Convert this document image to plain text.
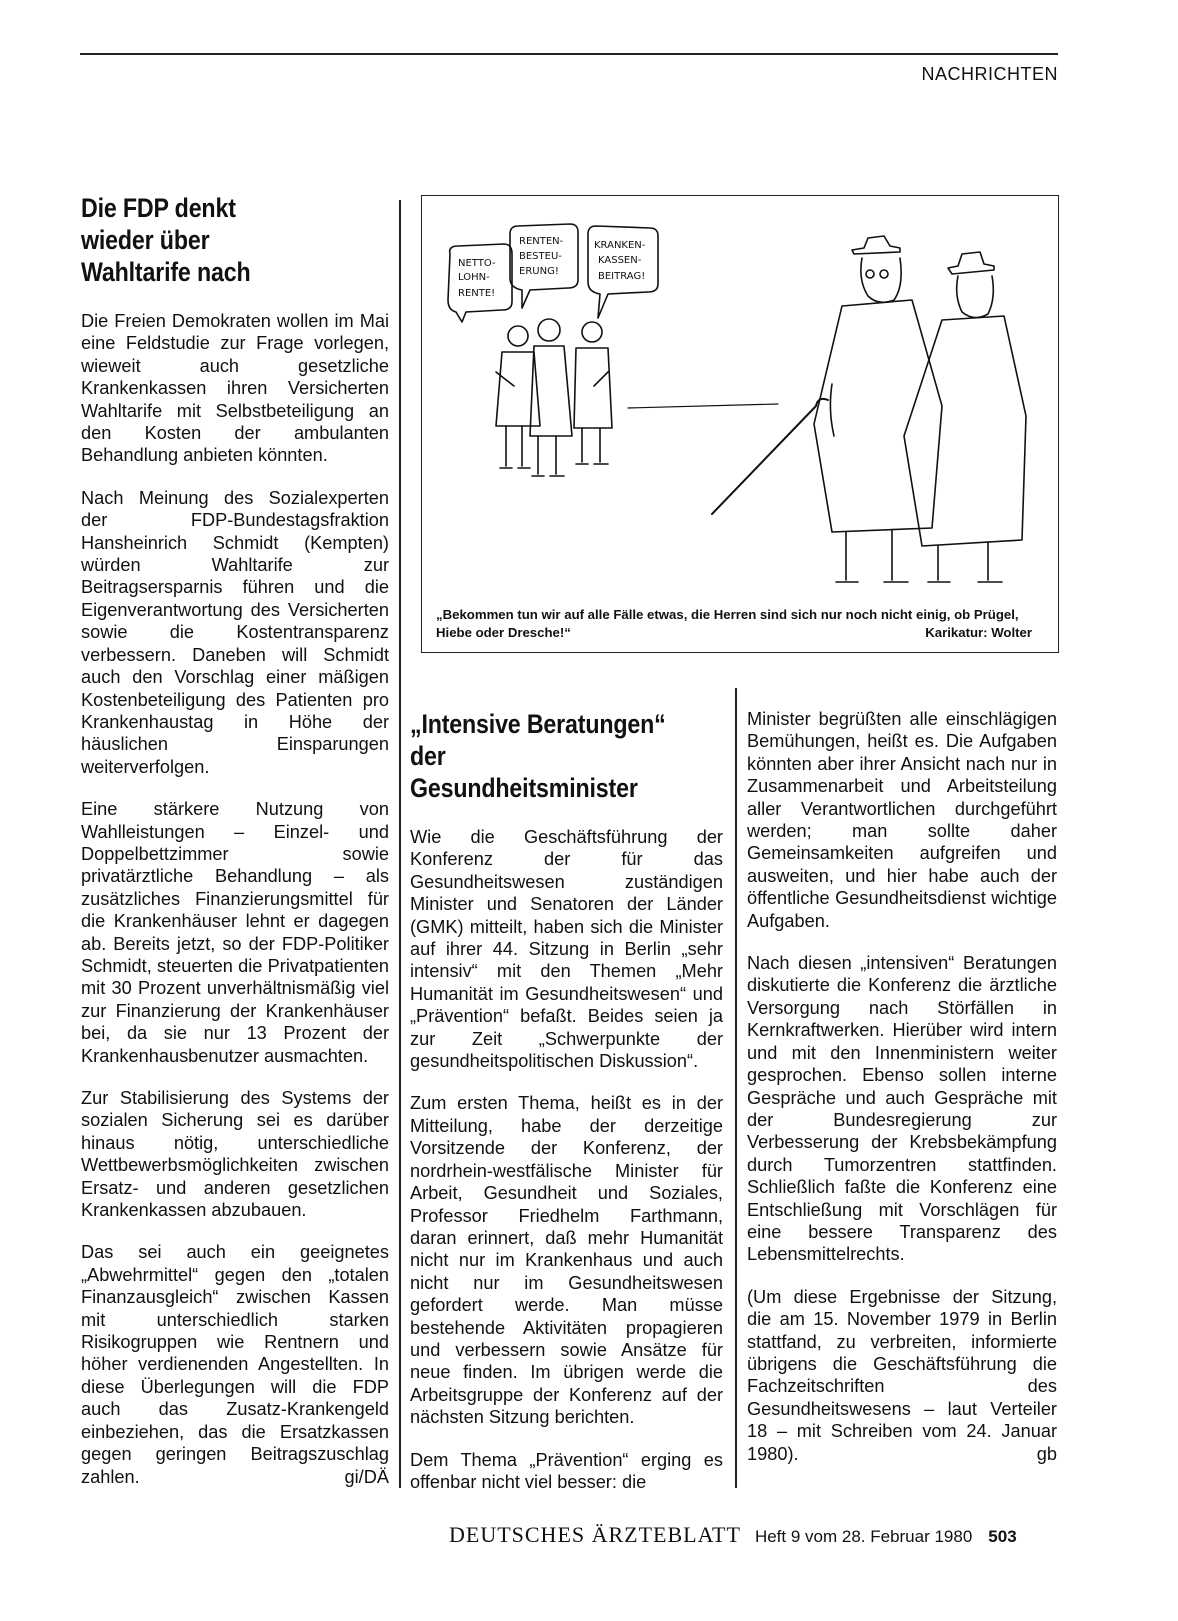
NACHRICHTEN
Die FDP denkt
wieder über
Wahltarife nach

Die Freien Demokraten wollen im Mai eine Feldstudie zur Frage vorlegen, wieweit auch gesetzliche Krankenkassen ihren Versicherten Wahltarife mit Selbstbeteiligung an den Kosten der ambulanten Behandlung anbieten könnten.

Nach Meinung des Sozialexperten der FDP-Bundestagsfraktion Hansheinrich Schmidt (Kempten) würden Wahltarife zur Beitragsersparnis führen und die Eigenverantwortung des Versicherten sowie die Kostentransparenz verbessern. Daneben will Schmidt auch den Vorschlag einer mäßigen Kostenbeteiligung des Patienten pro Krankenhaustag in Höhe der häuslichen Einsparungen weiterverfolgen.

Eine stärkere Nutzung von Wahlleistungen – Einzel- und Doppelbettzimmer sowie privatärztliche Behandlung – als zusätzliches Finanzierungsmittel für die Krankenhäuser lehnt er dagegen ab. Bereits jetzt, so der FDP-Politiker Schmidt, steuerten die Privatpatienten mit 30 Prozent unverhältnismäßig viel zur Finanzierung der Krankenhäuser bei, da sie nur 13 Prozent der Krankenhausbenutzer ausmachten.

Zur Stabilisierung des Systems der sozialen Sicherung sei es darüber hinaus nötig, unterschiedliche Wettbewerbsmöglichkeiten zwischen Ersatz- und anderen gesetzlichen Krankenkassen abzubauen.

Das sei auch ein geeignetes „Abwehrmittel“ gegen den „totalen Finanzausgleich“ zwischen Kassen mit unterschiedlich starken Risikogruppen wie Rentnern und höher verdienenden Angestellten. In diese Überlegungen will die FDP auch das Zusatz-Krankengeld einbeziehen, das die Ersatzkassen gegen geringen Beitragszuschlag zahlen.	gi/DÄ

NETTO-
LOHN-
RENTE!
RENTEN-
BESTEU-
ERUNG!
KRANKEN-
KASSEN-
BEITRAG!
„Bekommen tun wir auf alle Fälle etwas, die Herren sind sich nur noch nicht einig, ob Prügel, Hiebe oder Dresche!“	Karikatur: Wolter
„Intensive Beratungen“
der Gesundheitsminister

Wie die Geschäftsführung der Konferenz der für das Gesundheitswesen zuständigen Minister und Senatoren der Länder (GMK) mitteilt, haben sich die Minister auf ihrer 44. Sitzung in Berlin „sehr intensiv“ mit den Themen „Mehr Humanität im Gesundheitswesen“ und „Prävention“ befaßt. Beides seien ja zur Zeit „Schwerpunkte der gesundheitspolitischen Diskussion“.

Zum ersten Thema, heißt es in der Mitteilung, habe der derzeitige Vorsitzende der Konferenz, der nordrhein-westfälische Minister für Arbeit, Gesundheit und Soziales, Professor Friedhelm Farthmann, daran erinnert, daß mehr Humanität nicht nur im Krankenhaus und auch nicht nur im Gesundheitswesen gefordert werde. Man müsse bestehende Aktivitäten propagieren und verbessern sowie Ansätze für neue finden. Im übrigen werde die Arbeitsgruppe der Konferenz auf der nächsten Sitzung berichten.

Dem Thema „Prävention“ erging es offenbar nicht viel besser: die

Minister begrüßten alle einschlägigen Bemühungen, heißt es. Die Aufgaben könnten aber ihrer Ansicht nach nur in Zusammenarbeit und Arbeitsteilung aller Verantwortlichen durchgeführt werden; man sollte daher Gemeinsamkeiten aufgreifen und ausweiten, und hier habe auch der öffentliche Gesundheitsdienst wichtige Aufgaben.

Nach diesen „intensiven“ Beratungen diskutierte die Konferenz die ärztliche Versorgung nach Störfällen in Kernkraftwerken. Hierüber wird intern und mit den Innenministern weiter gesprochen. Ebenso sollen interne Gespräche und auch Gespräche mit der Bundesregierung zur Verbesserung der Krebsbekämpfung durch Tumorzentren stattfinden. Schließlich faßte die Konferenz eine Entschließung mit Vorschlägen für eine bessere Transparenz des Lebensmittelrechts.

(Um diese Ergebnisse der Sitzung, die am 15. November 1979 in Berlin stattfand, zu verbreiten, informierte übrigens die Geschäftsführung die Fachzeitschriften des Gesundheitswesens – laut Verteiler 18 – mit Schreiben vom 24. Januar 1980).	gb

DEUTSCHES ÄRZTEBLATT Heft 9 vom 28. Februar 1980 503
